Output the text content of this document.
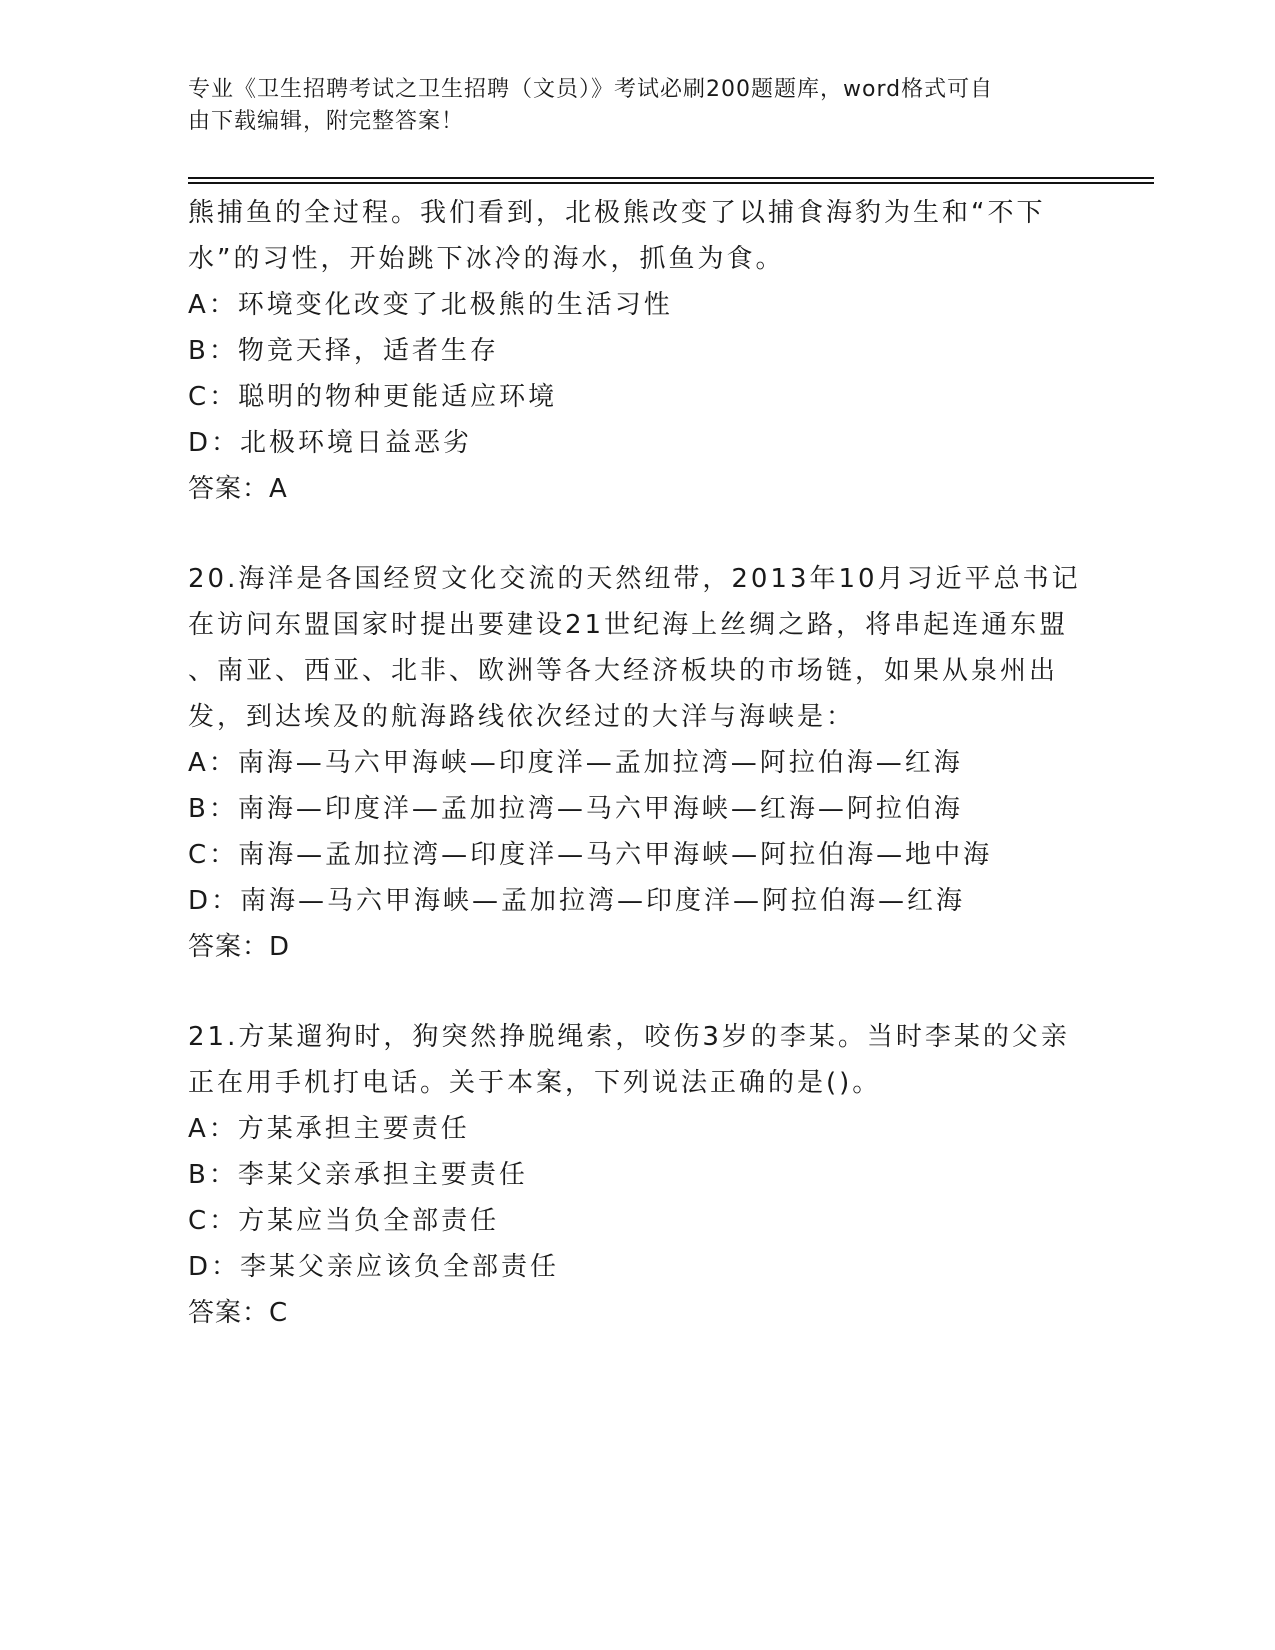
专业《卫生招聘考试之卫生招聘（文员）》考试必刷200题题库，word格式可自
由下载编辑，附完整答案！
熊捕鱼的全过程。我们看到，北极熊改变了以捕食海豹为生和“不下
水”的习性，开始跳下冰冷的海水，抓鱼为食。
A：环境变化改变了北极熊的生活习性
B：物竞天择，适者生存
C：聪明的物种更能适应环境
D：北极环境日益恶劣
答案：A
20.海洋是各国经贸文化交流的天然纽带，2013年10月习近平总书记
在访问东盟国家时提出要建设21世纪海上丝绸之路，将串起连通东盟
、南亚、西亚、北非、欧洲等各大经济板块的市场链，如果从泉州出
发，到达埃及的航海路线依次经过的大洋与海峡是：
A：南海—马六甲海峡—印度洋—孟加拉湾—阿拉伯海—红海
B：南海—印度洋—孟加拉湾—马六甲海峡—红海—阿拉伯海
C：南海—孟加拉湾—印度洋—马六甲海峡—阿拉伯海—地中海
D：南海—马六甲海峡—孟加拉湾—印度洋—阿拉伯海—红海
答案：D
21.方某遛狗时，狗突然挣脱绳索，咬伤3岁的李某。当时李某的父亲
正在用手机打电话。关于本案，下列说法正确的是()。
A：方某承担主要责任
B：李某父亲承担主要责任
C：方某应当负全部责任
D：李某父亲应该负全部责任
答案：C
